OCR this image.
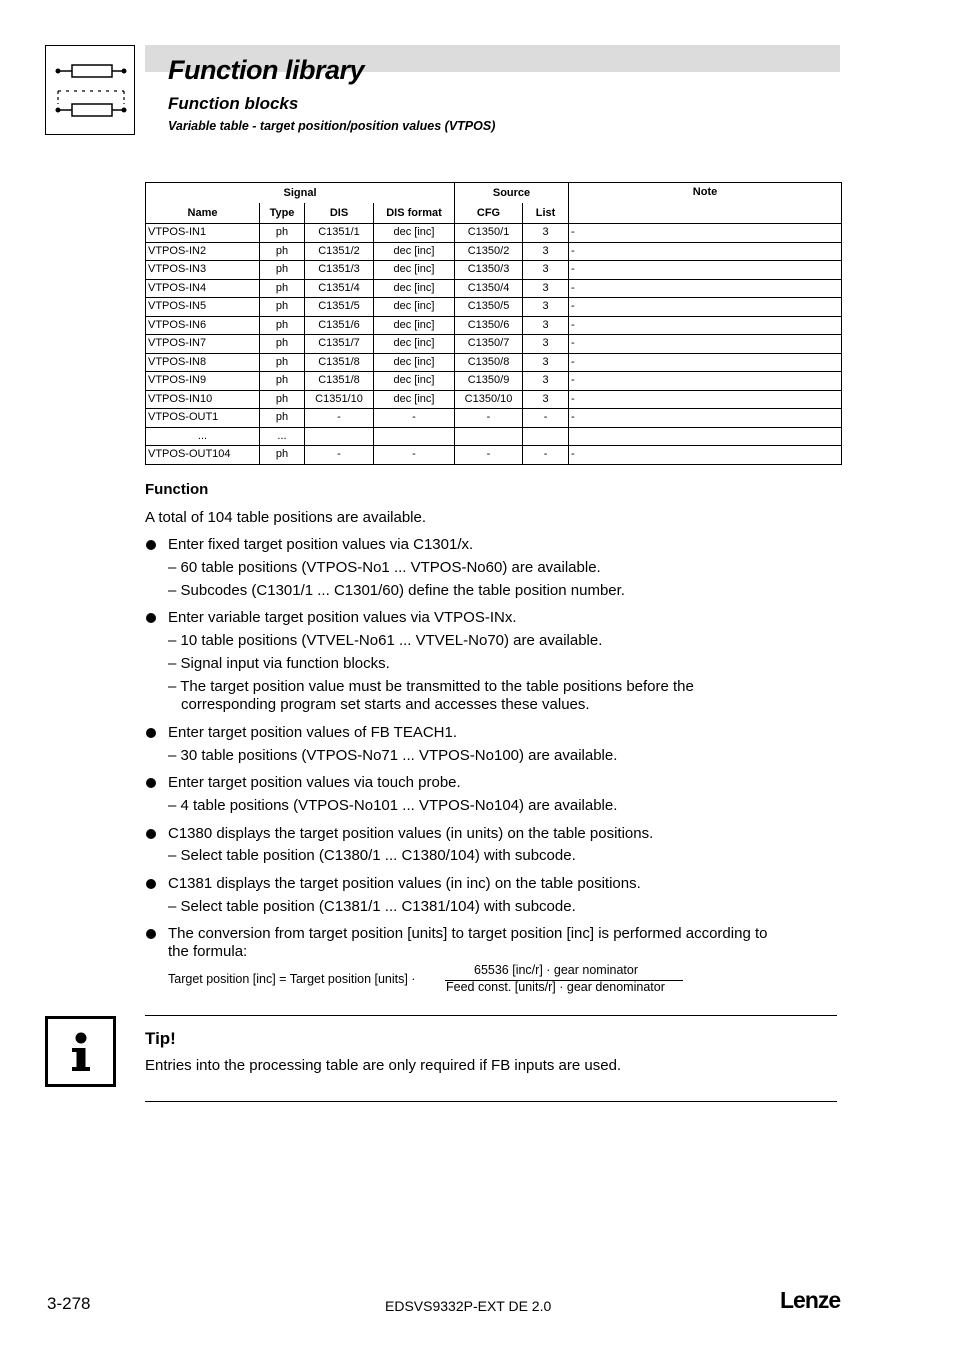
Function library
Function blocks
Variable table - target position/position values (VTPOS)
Signal				Source		Note
Name	Type	DIS	DIS format	CFG	List	
VTPOS-IN1	ph	C1351/1	dec [inc]	C1350/1	3	-
VTPOS-IN2	ph	C1351/2	dec [inc]	C1350/2	3	-
VTPOS-IN3	ph	C1351/3	dec [inc]	C1350/3	3	-
VTPOS-IN4	ph	C1351/4	dec [inc]	C1350/4	3	-
VTPOS-IN5	ph	C1351/5	dec [inc]	C1350/5	3	-
VTPOS-IN6	ph	C1351/6	dec [inc]	C1350/6	3	-
VTPOS-IN7	ph	C1351/7	dec [inc]	C1350/7	3	-
VTPOS-IN8	ph	C1351/8	dec [inc]	C1350/8	3	-
VTPOS-IN9	ph	C1351/8	dec [inc]	C1350/9	3	-
VTPOS-IN10	ph	C1351/10	dec [inc]	C1350/10	3	-
VTPOS-OUT1	ph	-	-	-	-	-
...	...					
VTPOS-OUT104	ph	-	-	-	-	-
Function
A total of 104 table positions are available.
Enter fixed target position values via C1301/x.
– 60 table positions (VTPOS-No1 ... VTPOS-No60) are available.
– Subcodes (C1301/1 ... C1301/60) define the table position number.
Enter variable target position values via VTPOS-INx.
– 10 table positions (VTVEL-No61 ... VTVEL-No70) are available.
– Signal input via function blocks.
– The target position value must be transmitted to the table positions before the
corresponding program set starts and accesses these values.
Enter target position values of FB TEACH1.
– 30 table positions (VTPOS-No71 ... VTPOS-No100) are available.
Enter target position values via touch probe.
– 4 table positions (VTPOS-No101 ... VTPOS-No104) are available.
C1380 displays the target position values (in units) on the table positions.
– Select table position (C1380/1 ... C1380/104) with subcode.
C1381 displays the target position values (in inc) on the table positions.
– Select table position (C1381/1 ... C1381/104) with subcode.
The conversion from target position [units] to target position [inc] is performed according to
the formula:
Target position [inc] = Target position [units] ·
65536 [inc/r] · gear nominator
Feed const. [units/r] · gear denominator
Tip!
Entries into the processing table are only required if FB inputs are used.
3-278	EDSVS9332P-EXT DE 2.0	Lenze
